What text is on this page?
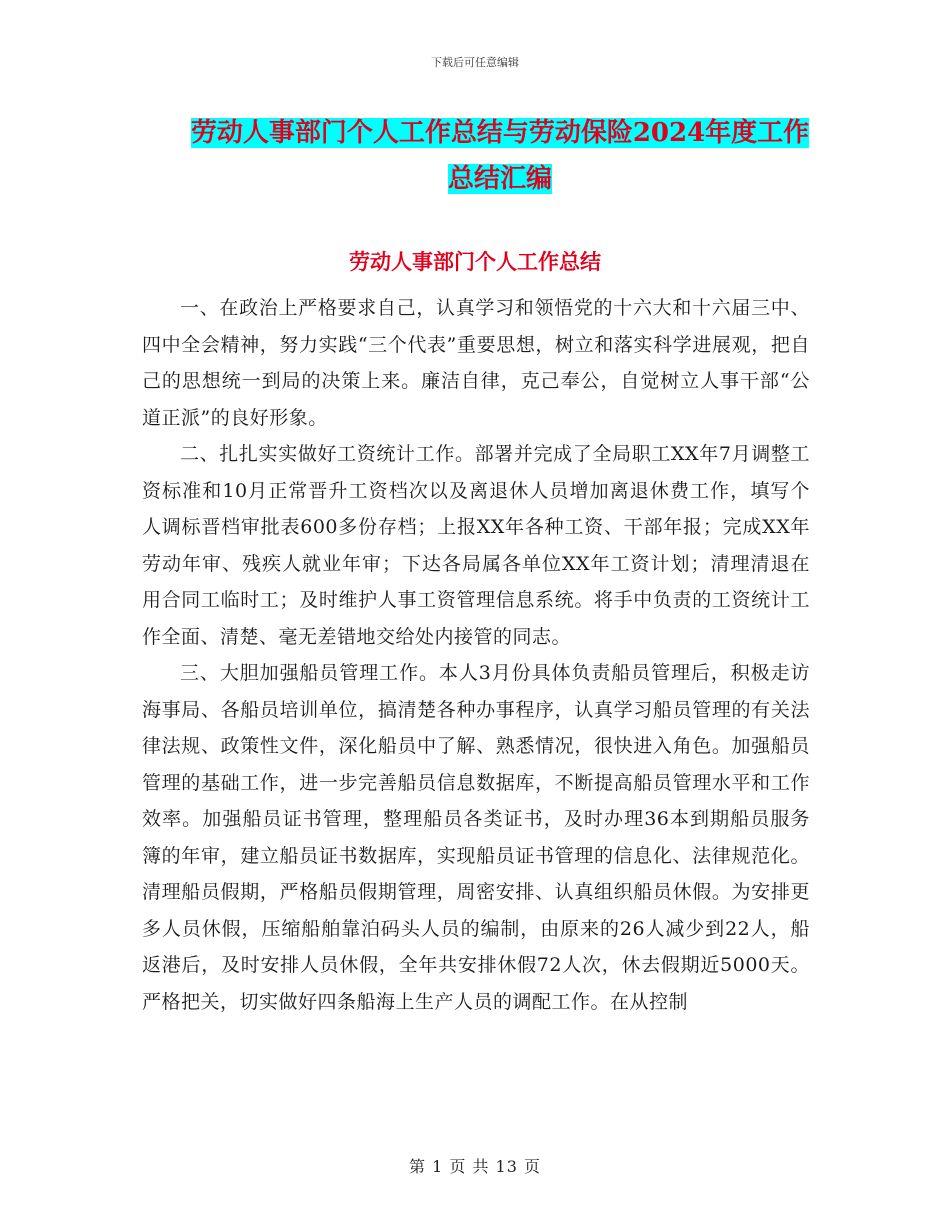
下载后可任意编辑
劳动人事部门个人工作总结与劳动保险2024年度工作
总结汇编
劳动人事部门个人工作总结

一、在政治上严格要求自己，认真学习和领悟党的十六大和十六届三中、四中全会精神，努力实践“三个代表”重要思想，树立和落实科学进展观，把自己的思想统一到局的决策上来。廉洁自律，克己奉公，自觉树立人事干部“公道正派”的良好形象。

二、扎扎实实做好工资统计工作。部署并完成了全局职工XX年7月调整工资标准和10月正常晋升工资档次以及离退休人员增加离退休费工作，填写个人调标晋档审批表600多份存档；上报XX年各种工资、干部年报；完成XX年劳动年审、残疾人就业年审；下达各局属各单位XX年工资计划；清理清退在用合同工临时工；及时维护人事工资管理信息系统。将手中负责的工资统计工作全面、清楚、毫无差错地交给处内接管的同志。

三、大胆加强船员管理工作。本人3月份具体负责船员管理后，积极走访海事局、各船员培训单位，搞清楚各种办事程序，认真学习船员管理的有关法律法规、政策性文件，深化船员中了解、熟悉情况，很快进入角色。加强船员管理的基础工作，进一步完善船员信息数据库，不断提高船员管理水平和工作效率。加强船员证书管理，整理船员各类证书，及时办理36本到期船员服务簿的年审，建立船员证书数据库，实现船员证书管理的信息化、法律规范化。清理船员假期，严格船员假期管理，周密安排、认真组织船员休假。为安排更多人员休假，压缩船舶靠泊码头人员的编制，由原来的26人减少到22人，船返港后，及时安排人员休假，全年共安排休假72人次，休去假期近5000天。严格把关，切实做好四条船海上生产人员的调配工作。在从控制

第 1 页 共 13 页
